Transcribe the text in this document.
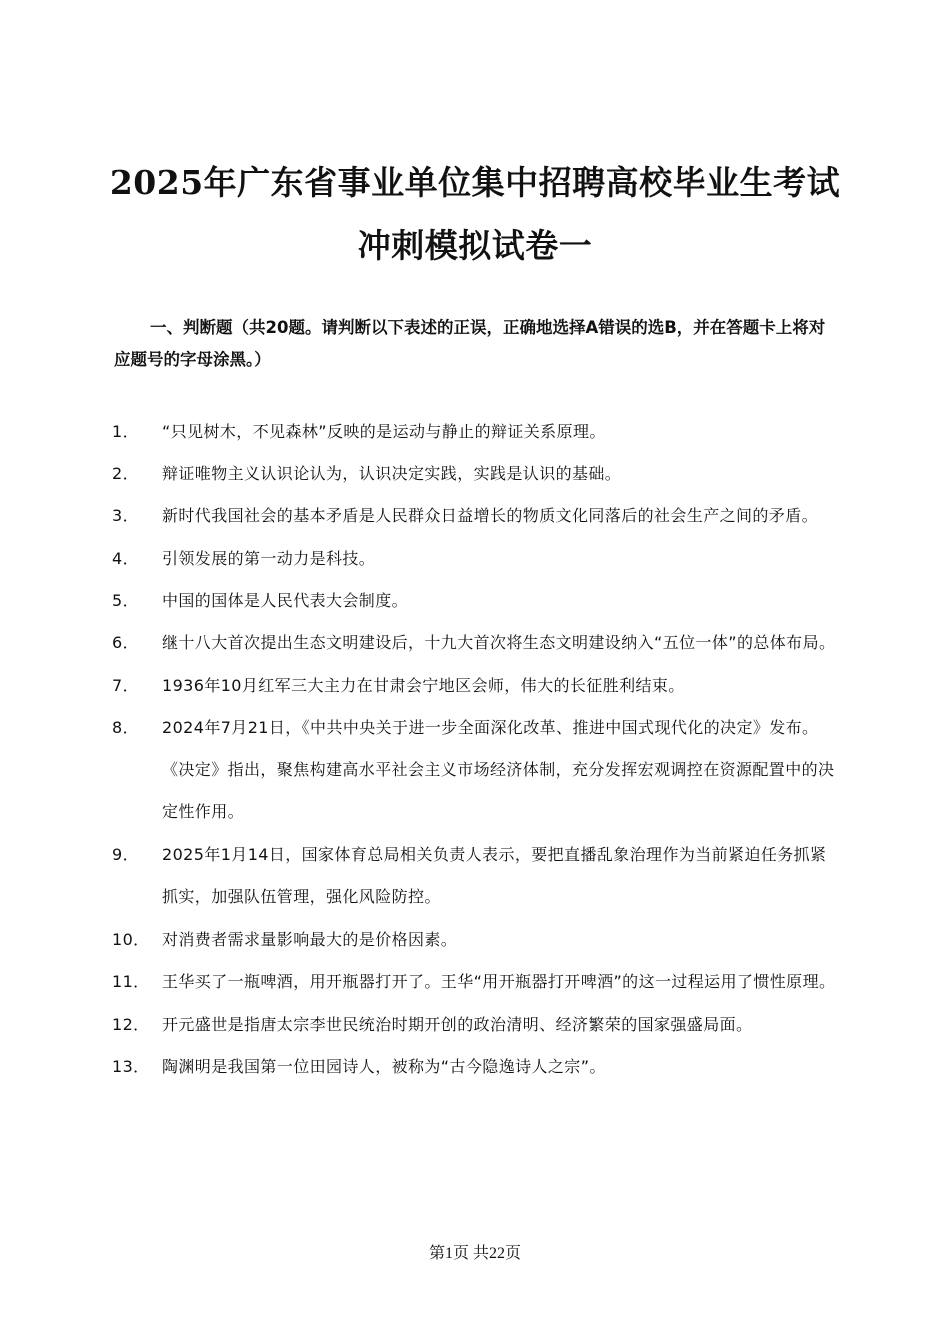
2025年广东省事业单位集中招聘高校毕业生考试
冲刺模拟试卷一
一、判断题（共20题。请判断以下表述的正误，正确地选择A错误的选B，并在答题卡上将对应题号的字母涂黑。）
1．	“只见树木，不见森林”反映的是运动与静止的辩证关系原理。
2．	辩证唯物主义认识论认为，认识决定实践，实践是认识的基础。
3．	新时代我国社会的基本矛盾是人民群众日益增长的物质文化同落后的社会生产之间的矛盾。
4．	引领发展的第一动力是科技。
5．	中国的国体是人民代表大会制度。
6．	继十八大首次提出生态文明建设后，十九大首次将生态文明建设纳入“五位一体”的总体布局。
7．	1936年10月红军三大主力在甘肃会宁地区会师，伟大的长征胜利结束。
8．	2024年7月21日，《中共中央关于进一步全面深化改革、推进中国式现代化的决定》发布。《决定》指出，聚焦构建高水平社会主义市场经济体制，充分发挥宏观调控在资源配置中的决定性作用。
9．	2025年1月14日，国家体育总局相关负责人表示，要把直播乱象治理作为当前紧迫任务抓紧抓实，加强队伍管理，强化风险防控。
10． 对消费者需求量影响最大的是价格因素。
11． 王华买了一瓶啤酒，用开瓶器打开了。王华“用开瓶器打开啤酒”的这一过程运用了惯性原理。
12． 开元盛世是指唐太宗李世民统治时期开创的政治清明、经济繁荣的国家强盛局面。
13． 陶渊明是我国第一位田园诗人，被称为“古今隐逸诗人之宗”。
第1页 共22页
